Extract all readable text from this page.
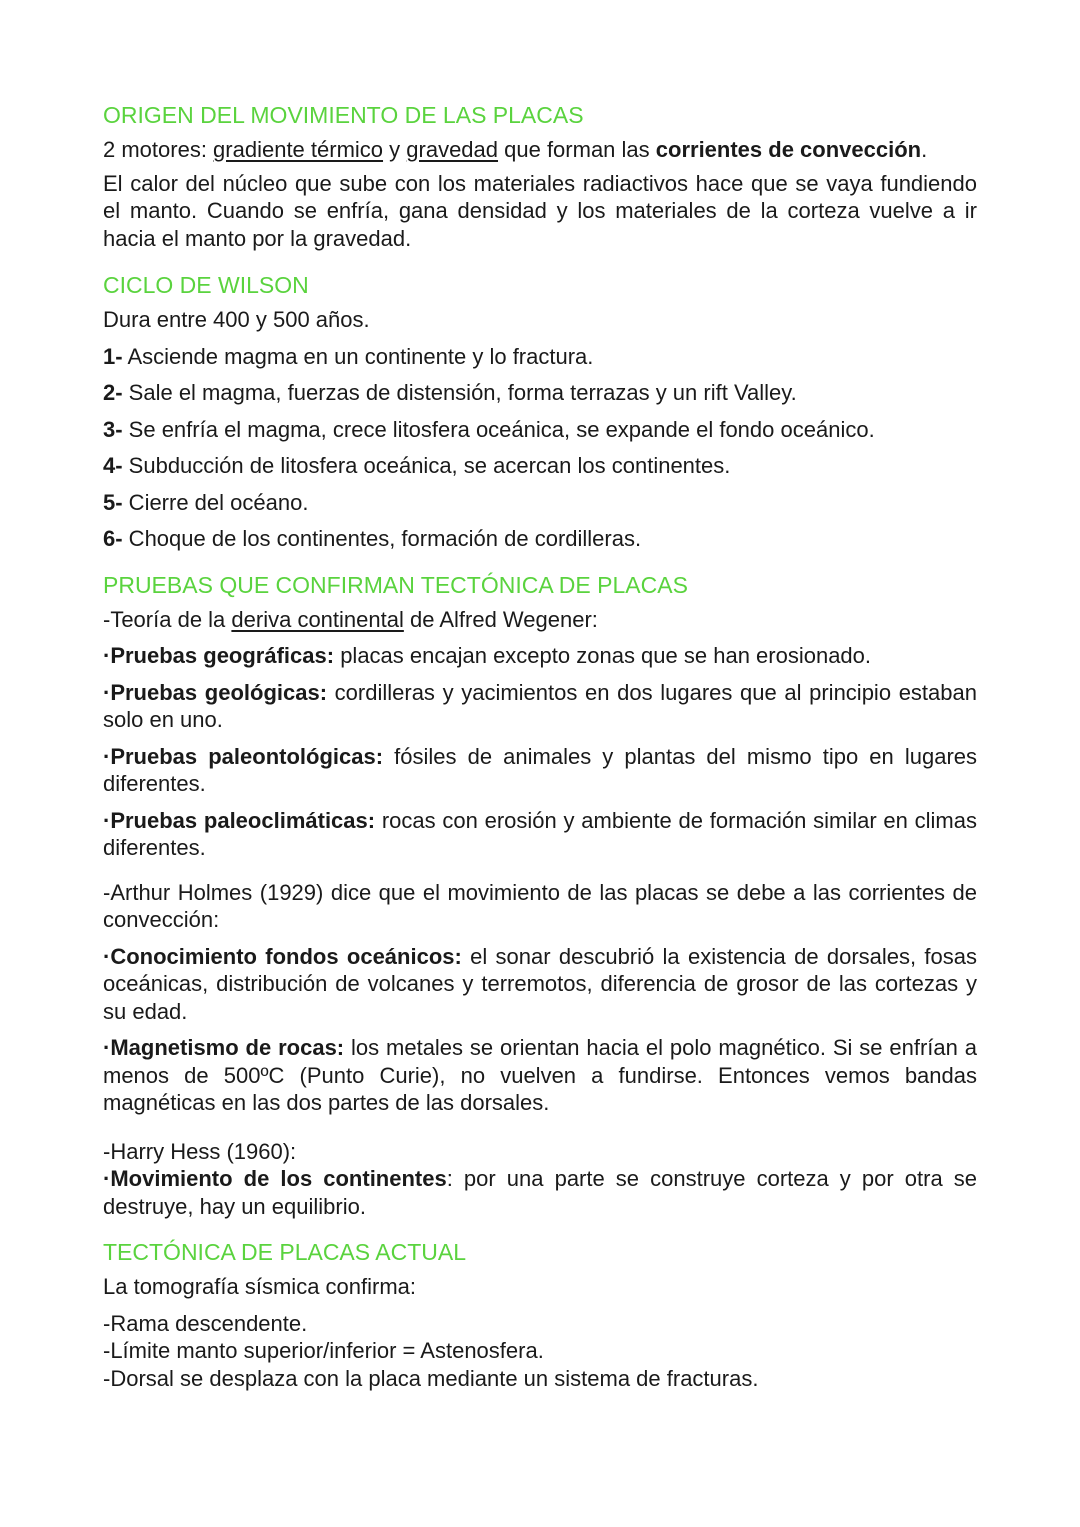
ORIGEN DEL MOVIMIENTO DE LAS PLACAS
2 motores: gradiente térmico y gravedad que forman las corrientes de convección.
El calor del núcleo que sube con los materiales radiactivos hace que se vaya fundiendo el manto. Cuando se enfría, gana densidad y los materiales de la corteza vuelve a ir hacia el manto por la gravedad.
CICLO DE WILSON
Dura entre 400 y 500 años.
1- Asciende magma en un continente y lo fractura.
2- Sale el magma, fuerzas de distensión, forma terrazas y un rift Valley.
3- Se enfría el magma, crece litosfera oceánica, se expande el fondo oceánico.
4- Subducción de litosfera oceánica, se acercan los continentes.
5- Cierre del océano.
6- Choque de los continentes, formación de cordilleras.
PRUEBAS QUE CONFIRMAN TECTÓNICA DE PLACAS
-Teoría de la deriva continental de Alfred Wegener:
·Pruebas geográficas: placas encajan excepto zonas que se han erosionado.
·Pruebas geológicas: cordilleras y yacimientos en dos lugares que al principio estaban solo en uno.
·Pruebas paleontológicas: fósiles de animales y plantas del mismo tipo en lugares diferentes.
·Pruebas paleoclimáticas: rocas con erosión y ambiente de formación similar en climas diferentes.
-Arthur Holmes (1929) dice que el movimiento de las placas se debe a las corrientes de convección:
·Conocimiento fondos oceánicos: el sonar descubrió la existencia de dorsales, fosas oceánicas, distribución de volcanes y terremotos, diferencia de grosor de las cortezas y su edad.
·Magnetismo de rocas: los metales se orientan hacia el polo magnético. Si se enfrían a menos de 500ºC (Punto Curie), no vuelven a fundirse. Entonces vemos bandas magnéticas en las dos partes de las dorsales.
-Harry Hess (1960):
·Movimiento de los continentes: por una parte se construye corteza y por otra se destruye, hay un equilibrio.
TECTÓNICA DE PLACAS ACTUAL
La tomografía sísmica confirma:
-Rama descendente.
-Límite manto superior/inferior = Astenosfera.
-Dorsal se desplaza con la placa mediante un sistema de fracturas.
